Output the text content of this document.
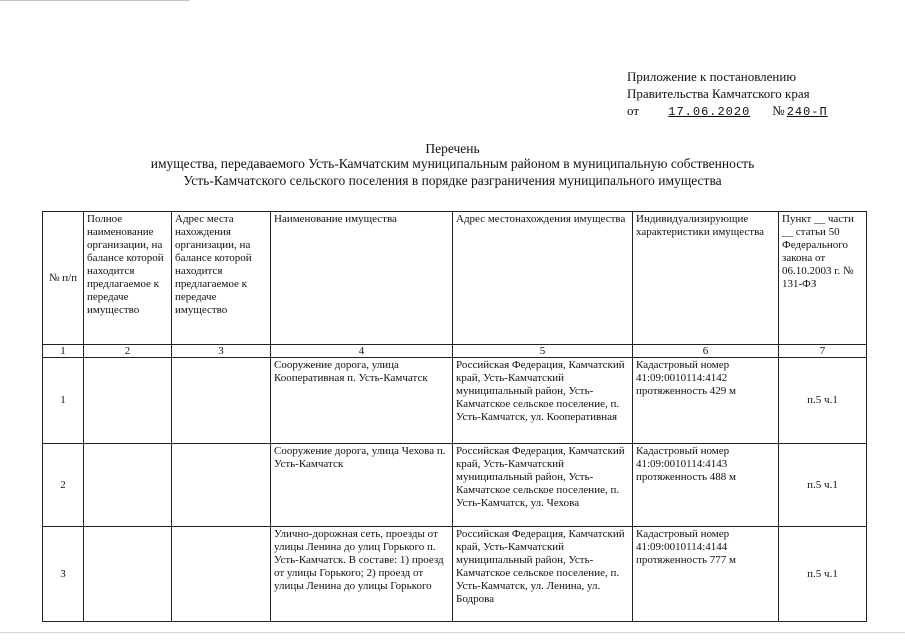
Приложение к постановлению
Правительства Камчатского края
от 17.06.2020 № 240-П
Перечень
имущества, передаваемого Усть-Камчатским муниципальным районом в муниципальную собственность
Усть-Камчатского сельского поселения в порядке разграничения муниципального имущества
№ п/п	Полное наименование организации, на балансе которой находится предлагаемое к передаче имущество	Адрес места нахождения организации, на балансе которой находится предлагаемое к передаче имущество	Наименование имущества	Адрес местонахождения имущества	Индивидуализирующие характеристики имущества	Пункт __ части __ статьи 50 Федерального закона от 06.10.2003 г. № 131-ФЗ
1	2	3	4	5	6	7
1			Сооружение дорога, улица Кооперативная п. Усть-Камчатск	Российская Федерация, Камчатский край, Усть-Камчатский муниципальный район, Усть-Камчатское сельское поселение, п. Усть-Камчатск, ул. Кооперативная	Кадастровый номер 41:09:0010114:4142 протяженность 429 м	п.5 ч.1
2			Сооружение дорога, улица Чехова п. Усть-Камчатск	Российская Федерация, Камчатский край, Усть-Камчатский муниципальный район, Усть-Камчатское сельское поселение, п. Усть-Камчатск, ул. Чехова	Кадастровый номер 41:09:0010114:4143 протяженность 488 м	п.5 ч.1
3			Улично-дорожная сеть, проезды от улицы Ленина до улиц Горького п. Усть-Камчатск. В составе: 1) проезд от улицы Горького; 2) проезд от улицы Ленина до улицы Горького	Российская Федерация, Камчатский край, Усть-Камчатский муниципальный район, Усть-Камчатское сельское поселение, п. Усть-Камчатск, ул. Ленина, ул. Бодрова	Кадастровый номер 41:09:0010114:4144 протяженность 777 м	п.5 ч.1
